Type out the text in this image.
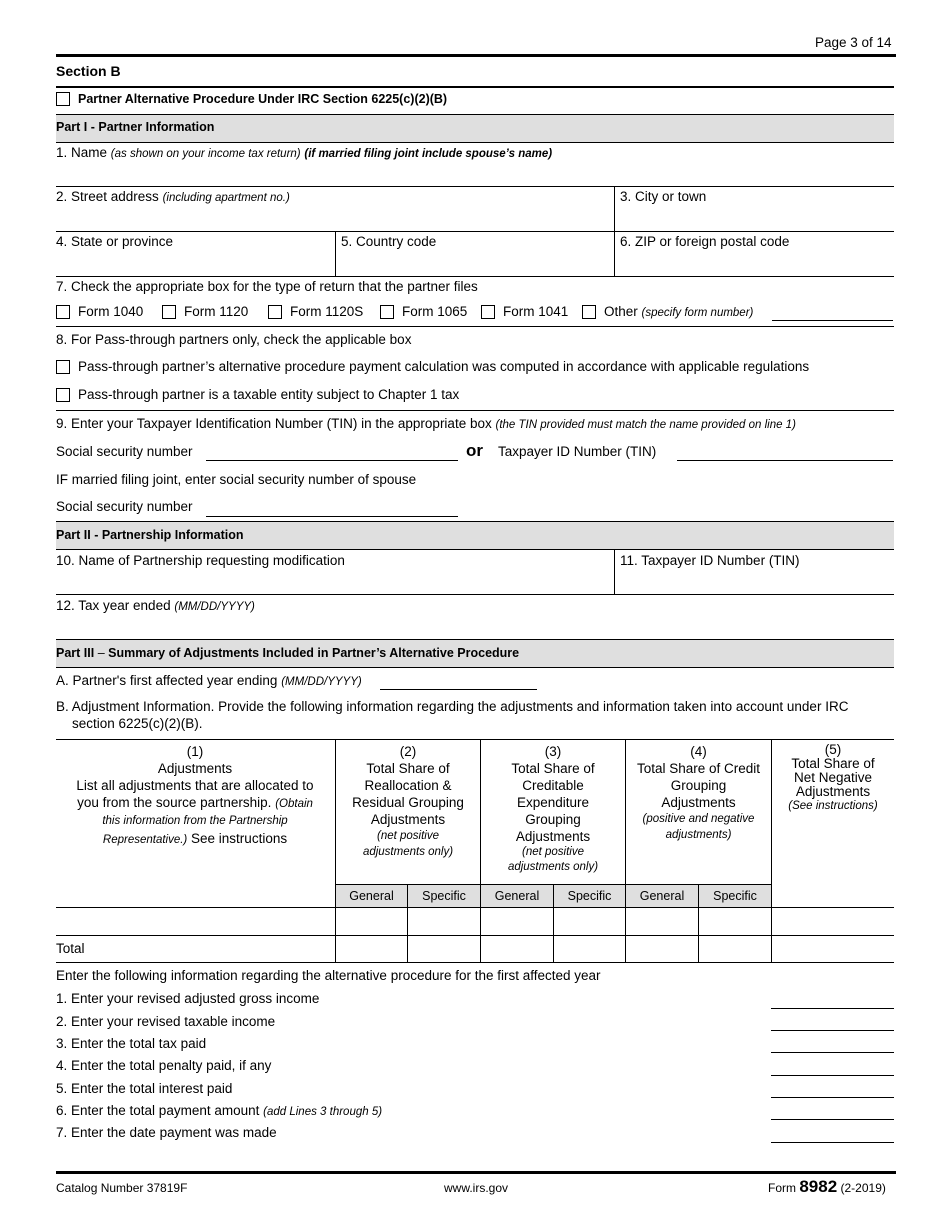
Page 3 of 14
Section B
Partner Alternative Procedure Under IRC Section 6225(c)(2)(B)
Part I - Partner Information
1. Name (as shown on your income tax return) (if married filing joint include spouse’s name)
2. Street address (including apartment no.)	3. City or town
4. State or province	5. Country code	6. ZIP or foreign postal code
7. Check the appropriate box for the type of return that the partner files
Form 1040	Form 1120	Form 1120S	Form 1065	Form 1041	Other (specify form number)
8. For Pass-through partners only, check the applicable box
Pass-through partner’s alternative procedure payment calculation was computed in accordance with applicable regulations
Pass-through partner is a taxable entity subject to Chapter 1 tax
9. Enter your Taxpayer Identification Number (TIN) in the appropriate box (the TIN provided must match the name provided on line 1)
Social security number	or Taxpayer ID Number (TIN)
IF married filing joint, enter social security number of spouse
Social security number
Part II - Partnership Information
10. Name of Partnership requesting modification	11. Taxpayer ID Number (TIN)
12. Tax year ended (MM/DD/YYYY)
Part III – Summary of Adjustments Included in Partner’s Alternative Procedure
A. Partner's first affected year ending (MM/DD/YYYY)
B. Adjustment Information. Provide the following information regarding the adjustments and information taken into account under IRC
section 6225(c)(2)(B).
(1)
Adjustments
List all adjustments that are allocated to
you from the source partnership. (Obtain
this information from the Partnership
Representative.) See instructions
(2)
Total Share of
Reallocation &
Residual Grouping
Adjustments
(net positive
adjustments only)
(3)
Total Share of
Creditable
Expenditure
Grouping
Adjustments
(net positive
adjustments only)
(4)
Total Share of Credit
Grouping
Adjustments
(positive and negative
adjustments)
(5)
Total Share of
Net Negative
Adjustments
(See instructions)
General	Specific	General	Specific	General	Specific
Total
Enter the following information regarding the alternative procedure for the first affected year
1. Enter your revised adjusted gross income
2. Enter your revised taxable income
3. Enter the total tax paid
4. Enter the total penalty paid, if any
5. Enter the total interest paid
6. Enter the total payment amount (add Lines 3 through 5)
7. Enter the date payment was made
Catalog Number 37819F	www.irs.gov	Form 8982 (2-2019)
